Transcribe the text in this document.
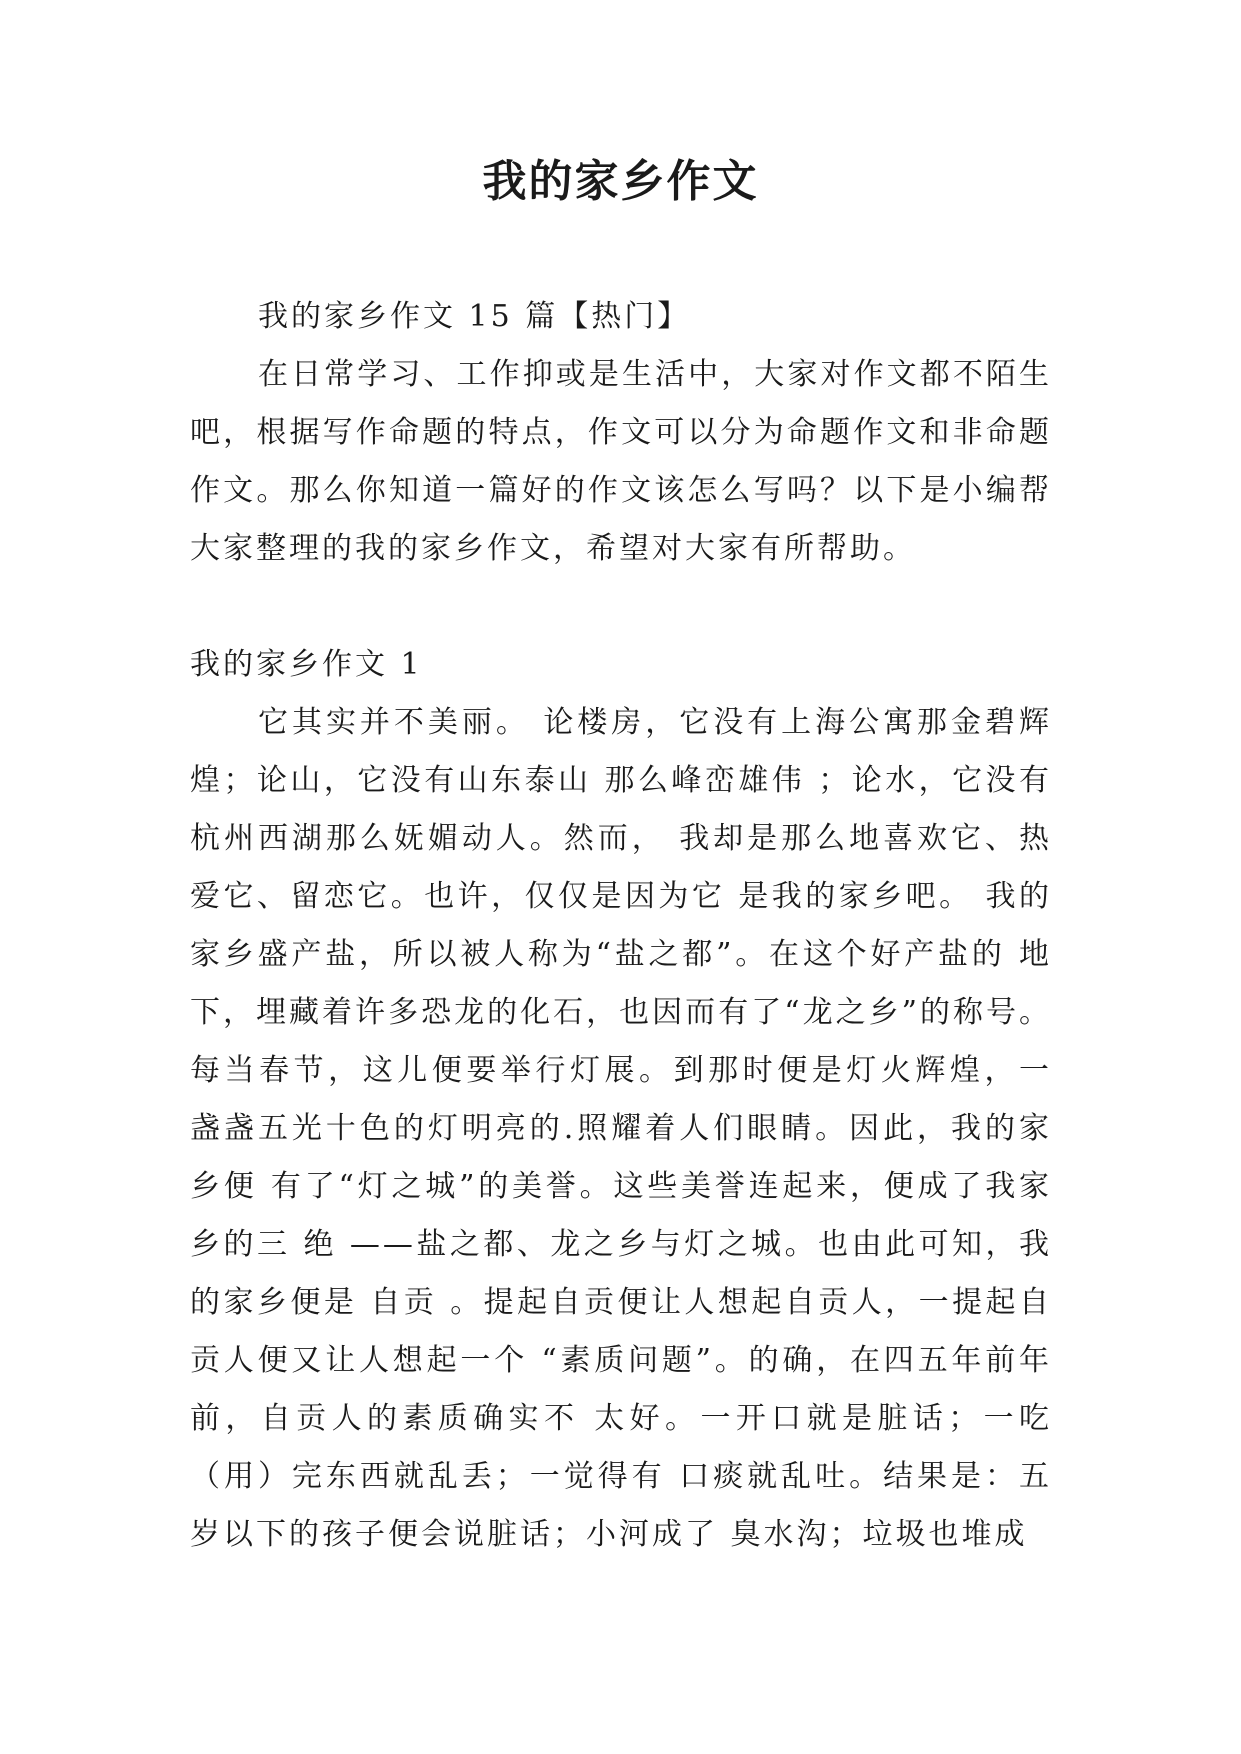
我的家乡作文

我的家乡作文 15 篇【热门】

在日常学习、工作抑或是生活中，大家对作文都不陌生吧，根据写作命题的特点，作文可以分为命题作文和非命题作文。那么你知道一篇好的作文该怎么写吗？以下是小编帮大家整理的我的家乡作文，希望对大家有所帮助。

我的家乡作文 1

它其实并不美丽。 论楼房，它没有上海公寓那金碧辉煌；论山，它没有山东泰山 那么峰峦雄伟 ；论水，它没有杭州西湖那么妩媚动人。然而， 我却是那么地喜欢它、热爱它、留恋它。也许，仅仅是因为它 是我的家乡吧。 我的家乡盛产盐，所以被人称为“盐之都”。在这个好产盐的 地下，埋藏着许多恐龙的化石，也因而有了“龙之乡”的称号。每当春节，这儿便要举行灯展。到那时便是灯火辉煌，一 盏盏五光十色的灯明亮的.照耀着人们眼睛。因此，我的家乡便 有了“灯之城”的美誉。这些美誉连起来，便成了我家乡的三 绝 ——盐之都、龙之乡与灯之城。也由此可知，我的家乡便是 自贡 。提起自贡便让人想起自贡人，一提起自贡人便又让人想起一个 “素质问题”。的确，在四五年前年前，自贡人的素质确实不 太好。一开口就是脏话；一吃（用）完东西就乱丢；一觉得有 口痰就乱吐。结果是：五岁以下的孩子便会说脏话；小河成了 臭水沟；垃圾也堆成
